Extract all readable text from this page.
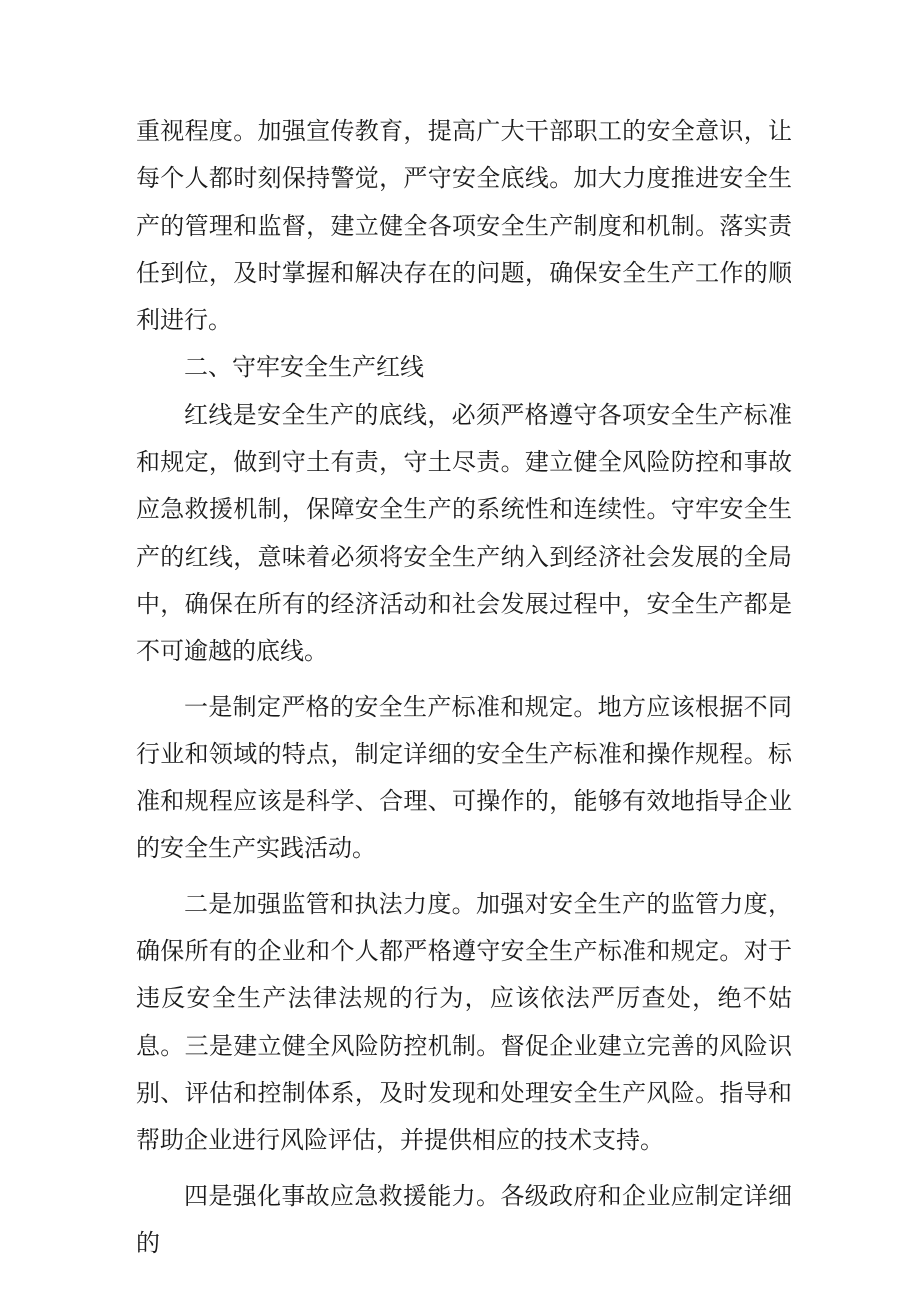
重视程度。加强宣传教育，提高广大干部职工的安全意识，让每个人都时刻保持警觉，严守安全底线。加大力度推进安全生产的管理和监督，建立健全各项安全生产制度和机制。落实责任到位，及时掌握和解决存在的问题，确保安全生产工作的顺利进行。

二、守牢安全生产红线

红线是安全生产的底线，必须严格遵守各项安全生产标准和规定，做到守土有责，守土尽责。建立健全风险防控和事故应急救援机制，保障安全生产的系统性和连续性。守牢安全生产的红线，意味着必须将安全生产纳入到经济社会发展的全局中，确保在所有的经济活动和社会发展过程中，安全生产都是不可逾越的底线。

一是制定严格的安全生产标准和规定。地方应该根据不同行业和领域的特点，制定详细的安全生产标准和操作规程。标准和规程应该是科学、合理、可操作的，能够有效地指导企业的安全生产实践活动。

二是加强监管和执法力度。加强对安全生产的监管力度，确保所有的企业和个人都严格遵守安全生产标准和规定。对于违反安全生产法律法规的行为，应该依法严厉查处，绝不姑息。三是建立健全风险防控机制。督促企业建立完善的风险识别、评估和控制体系，及时发现和处理安全生产风险。指导和帮助企业进行风险评估，并提供相应的技术支持。

四是强化事故应急救援能力。各级政府和企业应制定详细的
